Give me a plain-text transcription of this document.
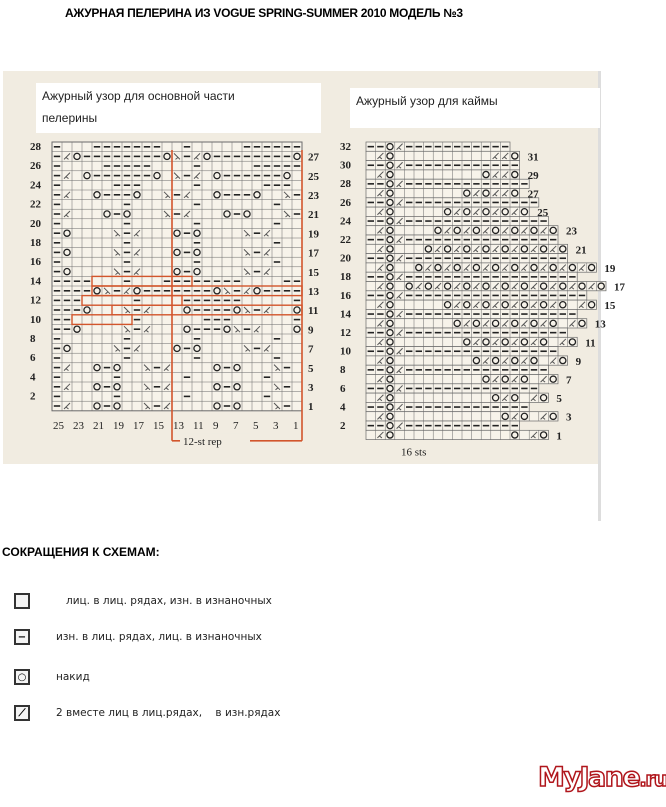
АЖУРНАЯ ПЕЛЕРИНА ИЗ VOGUE SPRING-SUMMER 2010 МОДЕЛЬ №3
12-st rep
28
26
24
22
20
18
16
14
12
10
8
6
4
2
27
25
23
21
19
17
15
13
11
9
7
5
3
1
25 23 21 19 17 15 13 11 9 7 5 3 1
32
30
28
26
24
22
20
18
16
14
12
10
8
6
4
2
31
29
27
25
23
21
19
17
15
13
11
9
7
5
3
1
16 sts
Ажурный узор для основной части
пелерины
Ажурный узор для каймы
СОКРАЩЕНИЯ К СХЕМАМ:
лиц. в лиц. рядах, изн. в изнаночных
−	изн. в лиц. рядах, лиц. в изнаночных
○	накид
⟋	2 вместе лиц в лиц.рядах,    в изн.рядах
MyJane.ru
